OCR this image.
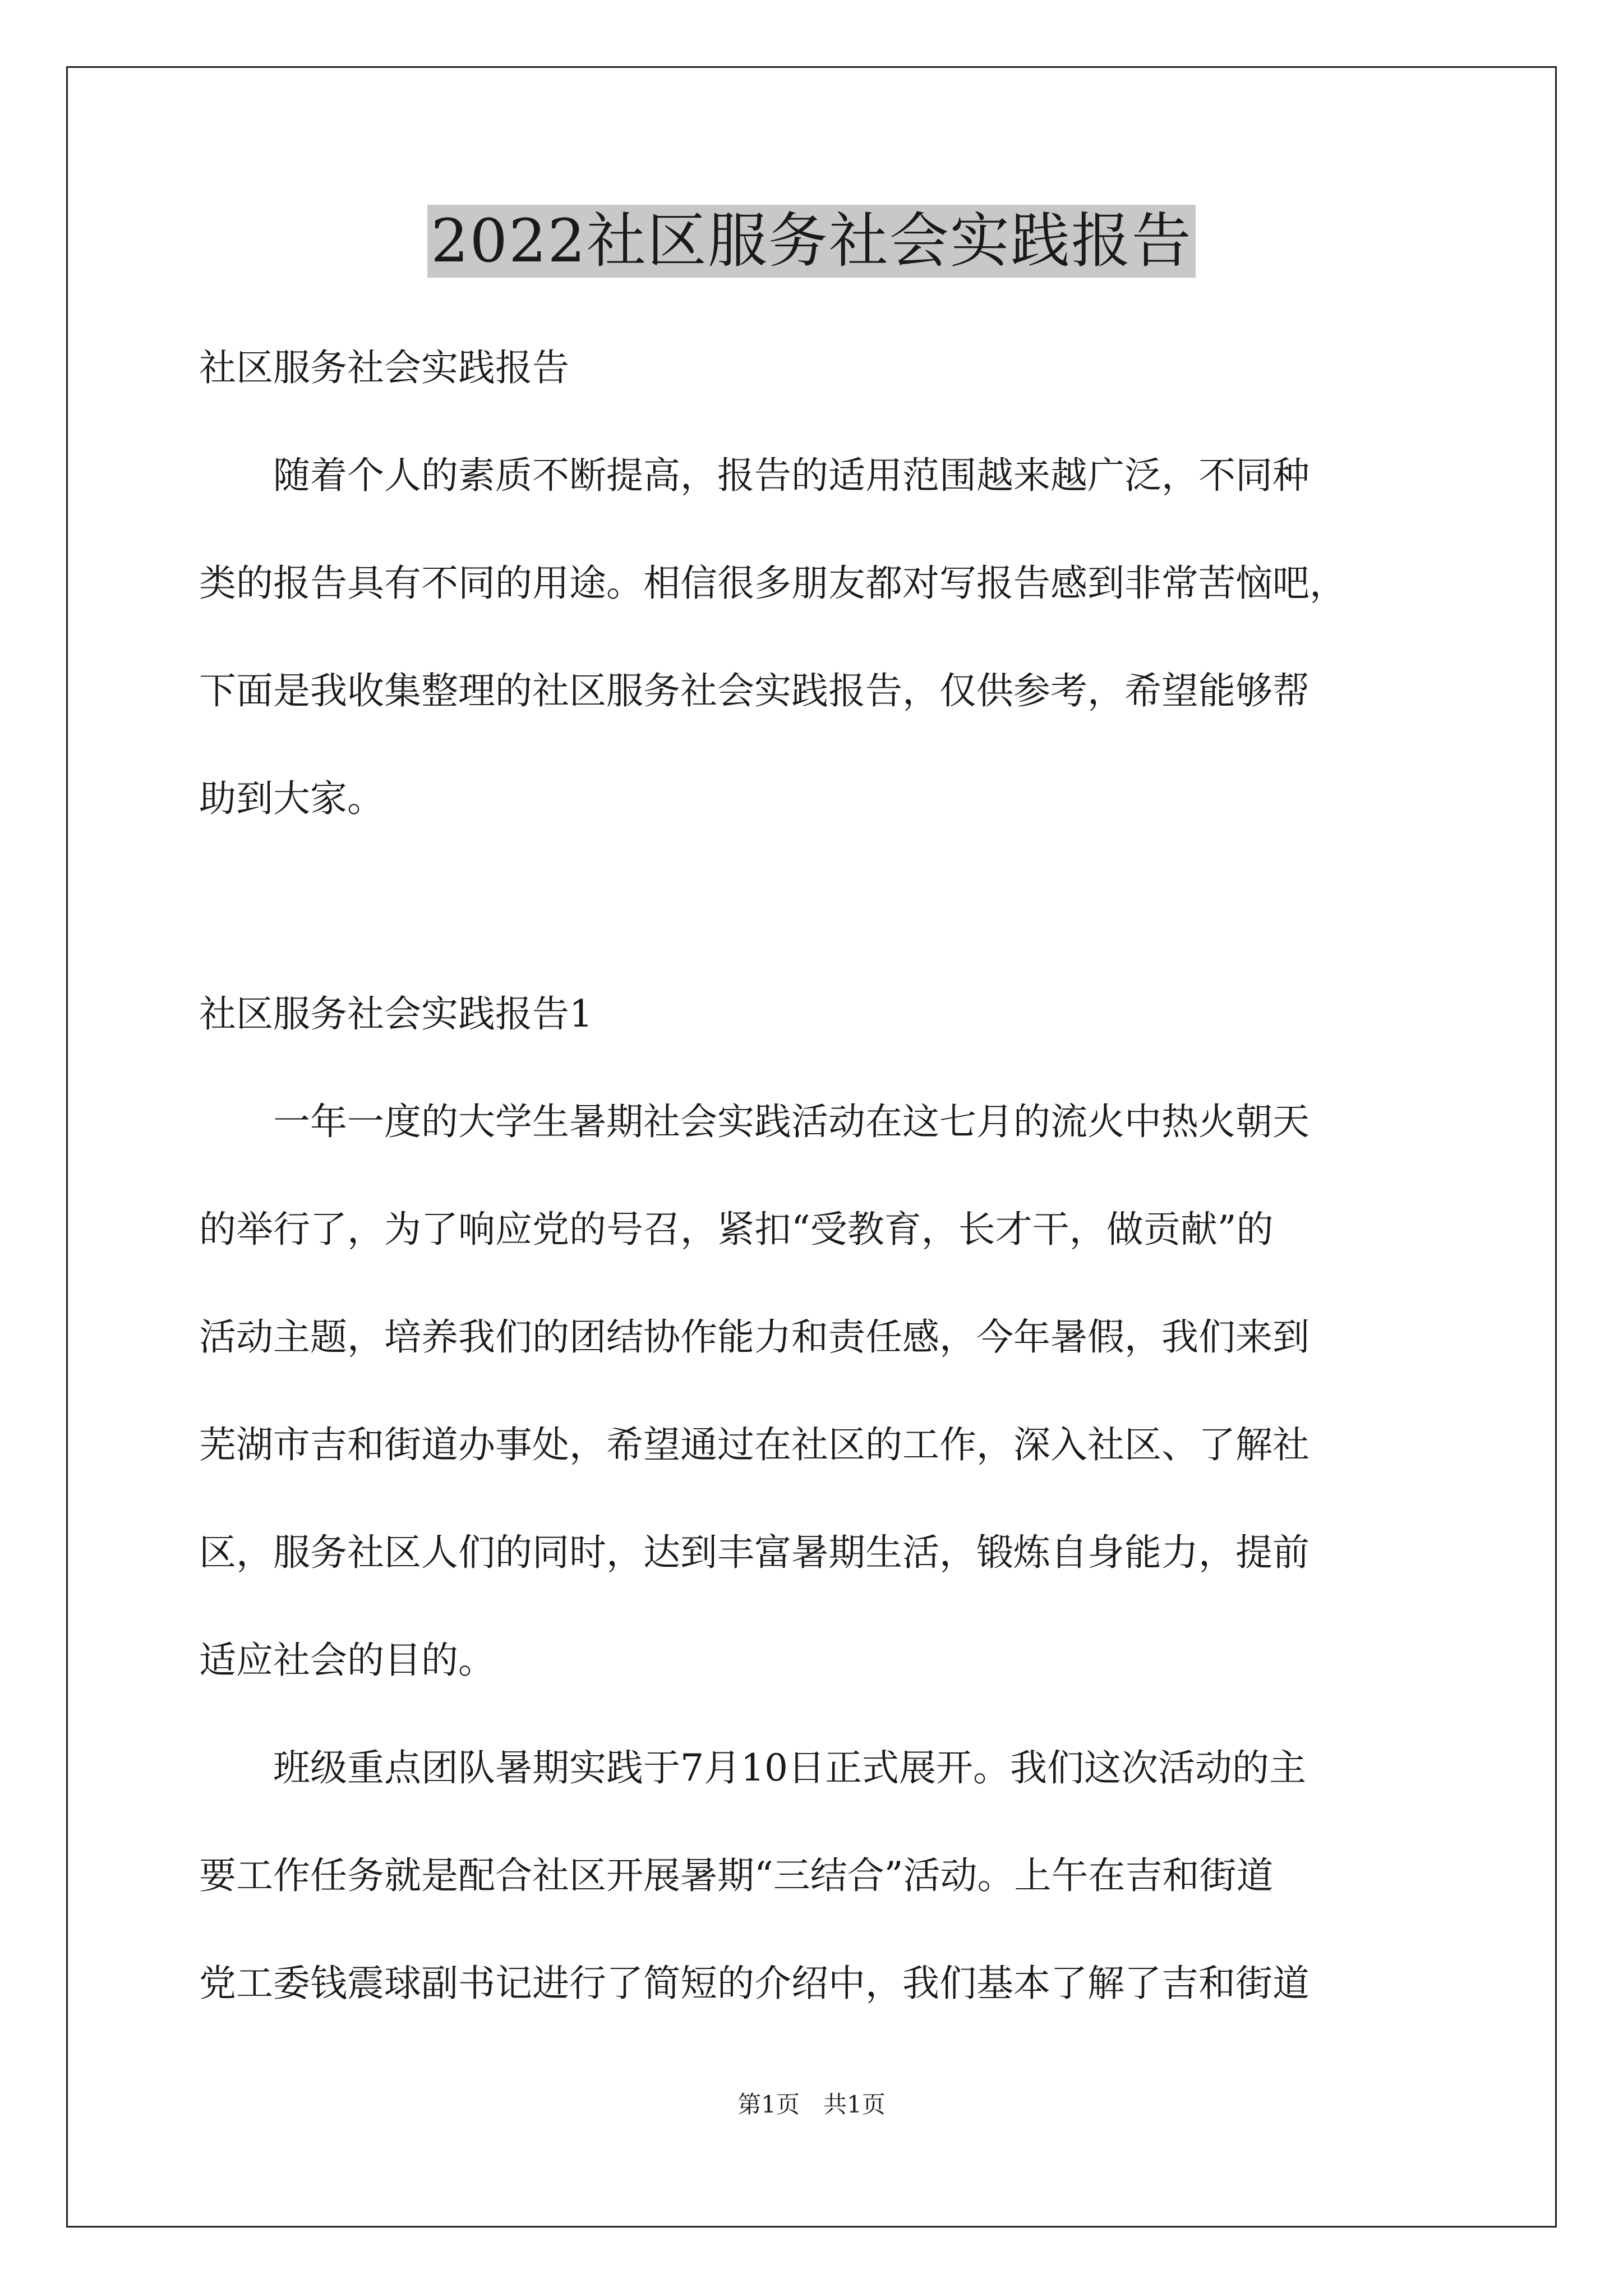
2022社区服务社会实践报告

社区服务社会实践报告

随着个人的素质不断提高，报告的适用范围越来越广泛，不同种
类的报告具有不同的用途。相信很多朋友都对写报告感到非常苦恼吧，
下面是我收集整理的社区服务社会实践报告，仅供参考，希望能够帮
助到大家。

社区服务社会实践报告1

一年一度的大学生暑期社会实践活动在这七月的流火中热火朝天
的举行了，为了响应党的号召，紧扣“受教育，长才干，做贡献”的
活动主题，培养我们的团结协作能力和责任感，今年暑假，我们来到
芜湖市吉和街道办事处，希望通过在社区的工作，深入社区、了解社
区，服务社区人们的同时，达到丰富暑期生活，锻炼自身能力，提前
适应社会的目的。

班级重点团队暑期实践于7月10日正式展开。我们这次活动的主
要工作任务就是配合社区开展暑期“三结合”活动。上午在吉和街道
党工委钱震球副书记进行了简短的介绍中，我们基本了解了吉和街道

第1页　共1页
